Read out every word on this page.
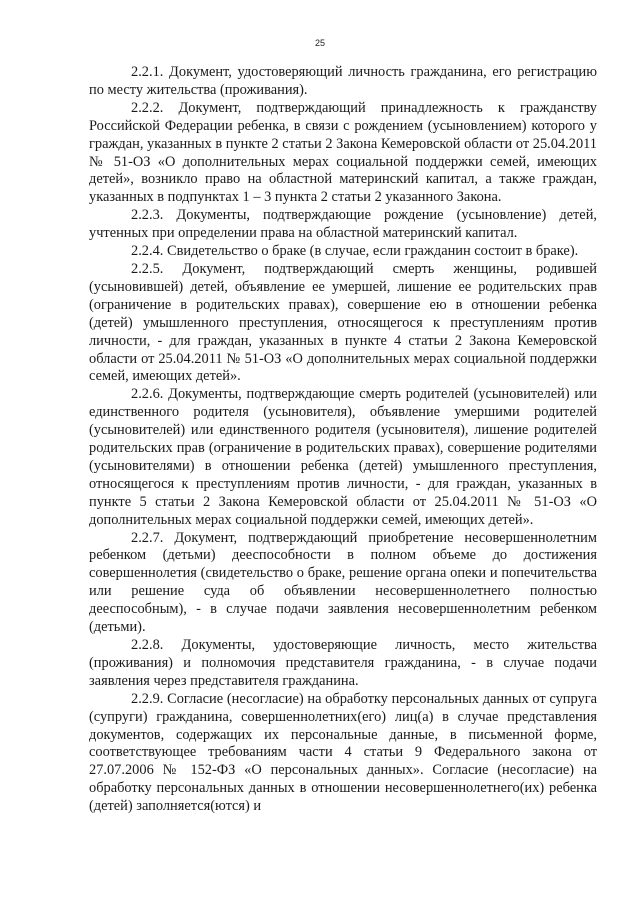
25

2.2.1. Документ, удостоверяющий личность гражданина, его регистрацию по месту жительства (проживания).

2.2.2. Документ, подтверждающий принадлежность к гражданству Российской Федерации ребенка, в связи с рождением (усыновлением) которого у граждан, указанных в пункте 2 статьи 2 Закона Кемеровской области от 25.04.2011 № 51-ОЗ «О дополнительных мерах социальной поддержки семей, имеющих детей», возникло право на областной материнский капитал, а также граждан, указанных в подпунктах 1 – 3 пункта 2 статьи 2 указанного Закона.

2.2.3. Документы, подтверждающие рождение (усыновление) детей, учтенных при определении права на областной материнский капитал.

2.2.4. Свидетельство о браке (в случае, если гражданин состоит в браке).

2.2.5. Документ, подтверждающий смерть женщины, родившей (усыновившей) детей, объявление ее умершей, лишение ее родительских прав (ограничение в родительских правах), совершение ею в отношении ребенка (детей) умышленного преступления, относящегося к преступлениям против личности, - для граждан, указанных в пункте 4 статьи 2 Закона Кемеровской области от 25.04.2011 № 51-ОЗ «О дополнительных мерах социальной поддержки семей, имеющих детей».

2.2.6. Документы, подтверждающие смерть родителей (усыновителей) или единственного родителя (усыновителя), объявление умершими родителей (усыновителей) или единственного родителя (усыновителя), лишение родителей родительских прав (ограничение в родительских правах), совершение родителями (усыновителями) в отношении ребенка (детей) умышленного преступления, относящегося к преступлениям против личности, - для граждан, указанных в пункте 5 статьи 2 Закона Кемеровской области от 25.04.2011 № 51-ОЗ «О дополнительных мерах социальной поддержки семей, имеющих детей».

2.2.7. Документ, подтверждающий приобретение несовершеннолетним ребенком (детьми) дееспособности в полном объеме до достижения совершеннолетия (свидетельство о браке, решение органа опеки и попечительства или решение суда об объявлении несовершеннолетнего полностью дееспособным), - в случае подачи заявления несовершеннолетним ребенком (детьми).

2.2.8. Документы, удостоверяющие личность, место жительства (проживания) и полномочия представителя гражданина, - в случае подачи заявления через представителя гражданина.

2.2.9. Согласие (несогласие) на обработку персональных данных от супруга (супруги) гражданина, совершеннолетних(его) лиц(а) в случае представления документов, содержащих их персональные данные, в письменной форме, соответствующее требованиям части 4 статьи 9 Федерального закона от 27.07.2006 № 152-ФЗ «О персональных данных». Согласие (несогласие) на обработку персональных данных в отношении несовершеннолетнего(их) ребенка (детей) заполняется(ются) и
